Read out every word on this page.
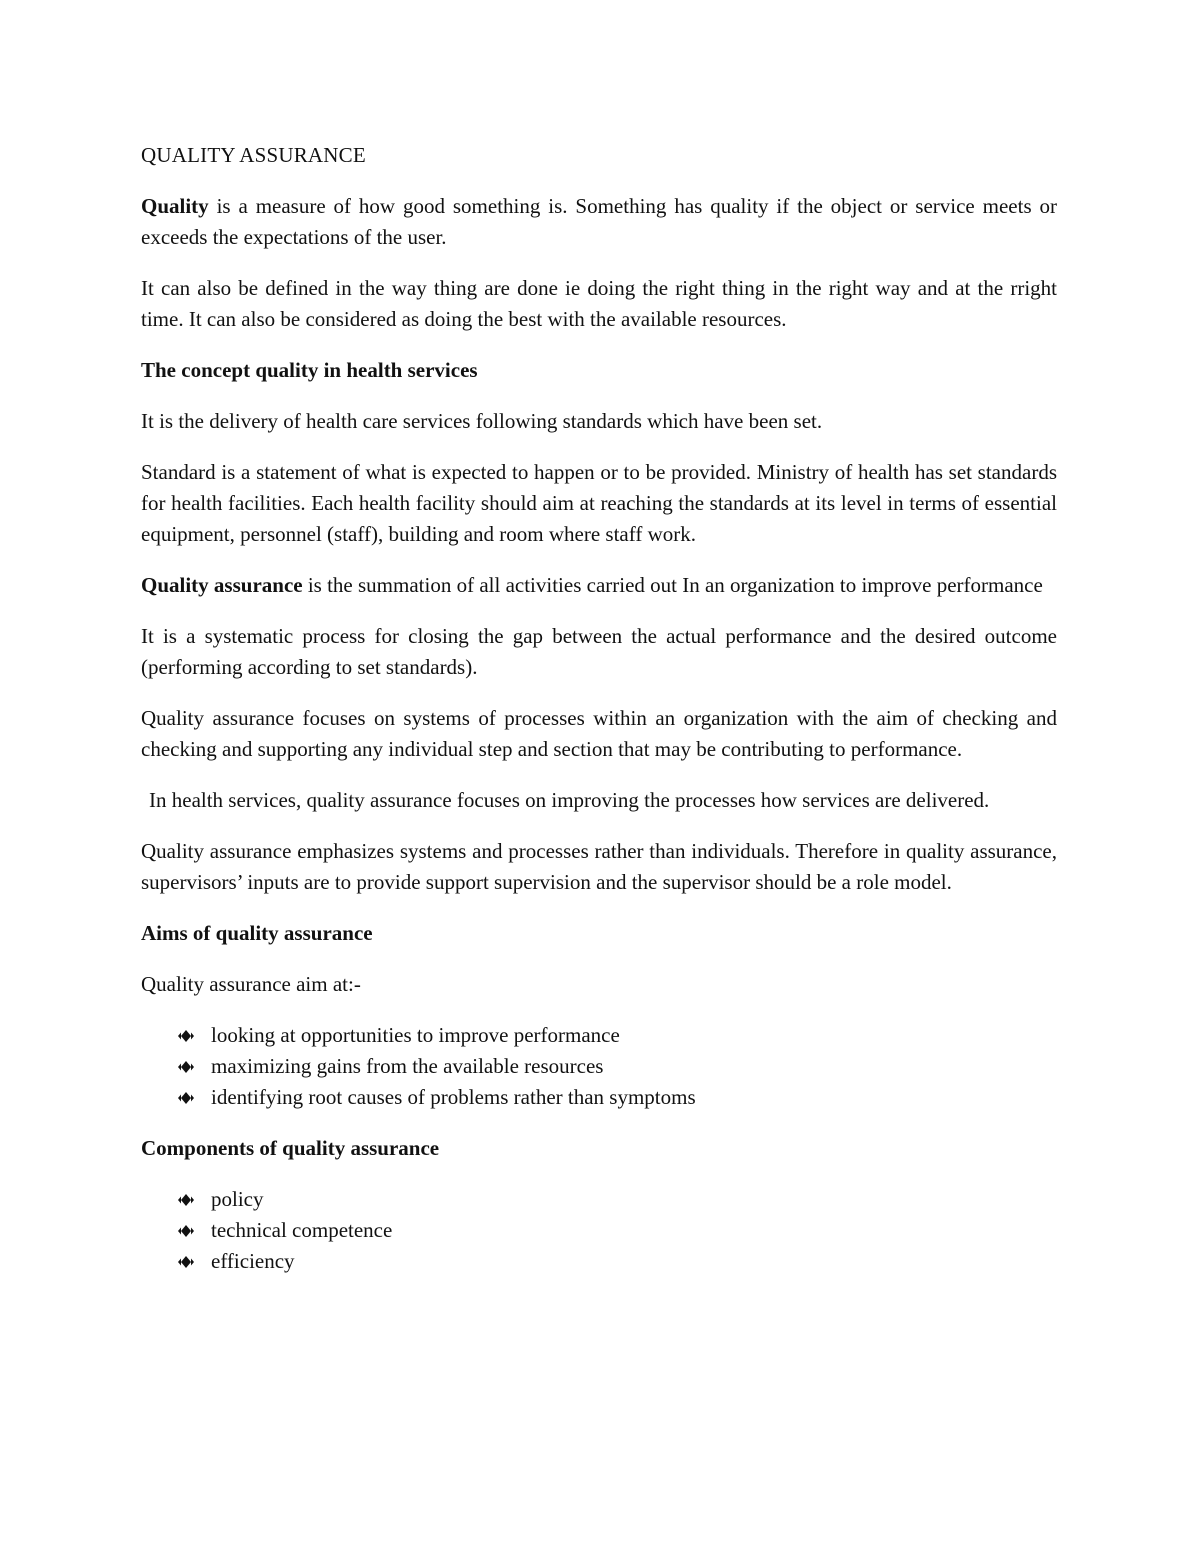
QUALITY ASSURANCE

Quality is a measure of how good something is. Something has quality if the object or service meets or exceeds the expectations of the user.

It can also be defined in the way thing are done ie doing the right thing in the right way and at the rright time. It can also be considered as doing the best with the available resources.

The concept quality in health services

It is the delivery of health care services following standards which have been set.

Standard is a statement of what is expected to happen or to be provided. Ministry of health has set standards for health facilities. Each health facility should aim at reaching the standards at its level in terms of essential equipment, personnel (staff), building and room where staff work.

Quality assurance is the summation of all activities carried out In an organization to improve performance

It is a systematic process for closing the gap between the actual performance and the desired outcome (performing according to set standards).

Quality assurance focuses on systems of processes within an organization with the aim of checking and checking and supporting any individual step and section that may be contributing to performance.

In health services, quality assurance focuses on improving the processes how services are delivered.

Quality assurance emphasizes systems and processes rather than individuals. Therefore in quality assurance, supervisors’ inputs are to provide support supervision and the supervisor should be a role model.

Aims of quality assurance

Quality assurance aim at:-

looking at opportunities to improve performance
maximizing gains from the available resources
identifying root causes of problems rather than symptoms

Components of quality assurance

policy
technical competence
efficiency
